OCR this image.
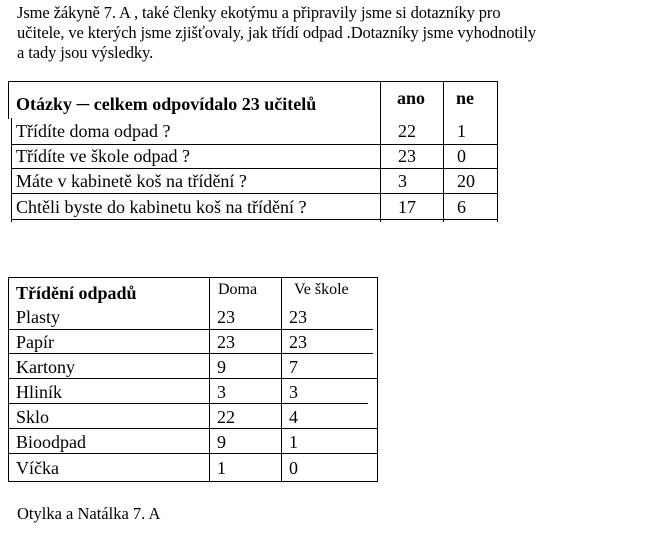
Jsme žákyně 7. A , také členky ekotýmu a připravily jsme si dotazníky pro
učitele, ve kterých jsme zjišťovaly, jak třídí odpad .Dotazníky jsme vyhodnotily
a tady jsou výsledky.
Otázky ─ celkem odpovídalo 23 učitelů	ano ne
Třídíte doma odpad ?	22 1
Třídíte ve škole odpad ?	23 0
Máte v kabinetě koš na třídění ?	3	20
Chtěli byste do kabinetu koš na třídění ?	17 6
Třídění odpadů	Doma Ve škole
Plasty	23	23
Papír	23	23
Kartony	9	7
Hliník	3	3
Sklo	22	4
Bioodpad	9	1
Víčka	1	0
Otylka a Natálka 7. A
